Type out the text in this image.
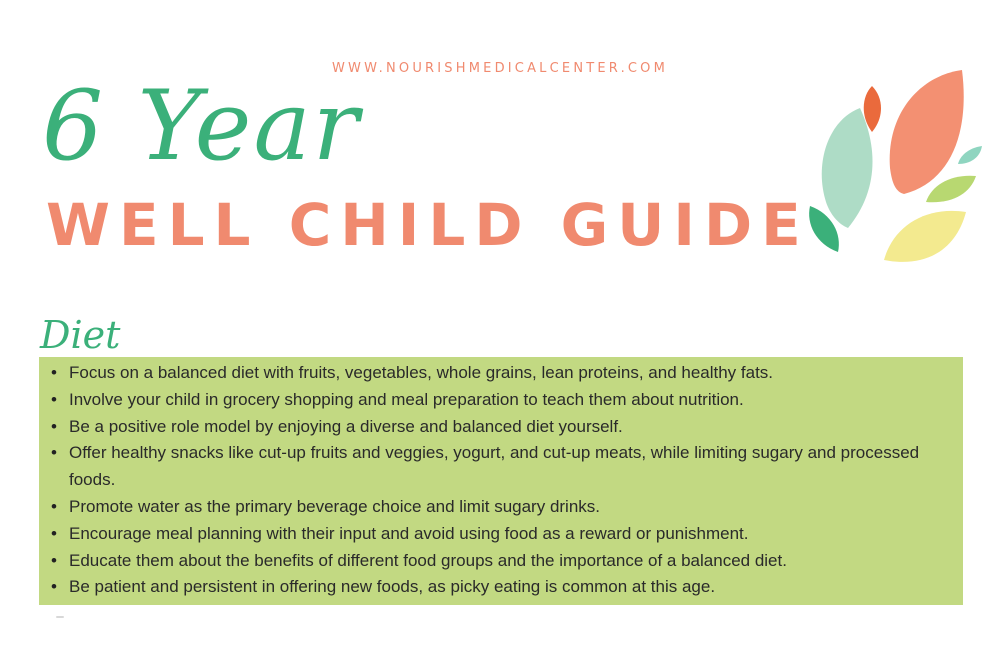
WWW.NOURISHMEDICALCENTER.COM
6 Year
WELL CHILD GUIDE
Diet
• Focus on a balanced diet with fruits, vegetables, whole grains, lean proteins, and healthy fats.
• Involve your child in grocery shopping and meal preparation to teach them about nutrition.
• Be a positive role model by enjoying a diverse and balanced diet yourself.
• Offer healthy snacks like cut-up fruits and veggies, yogurt, and cut-up meats, while limiting sugary and processed foods.
• Promote water as the primary beverage choice and limit sugary drinks.
• Encourage meal planning with their input and avoid using food as a reward or punishment.
• Educate them about the benefits of different food groups and the importance of a balanced diet.
• Be patient and persistent in offering new foods, as picky eating is common at this age.
